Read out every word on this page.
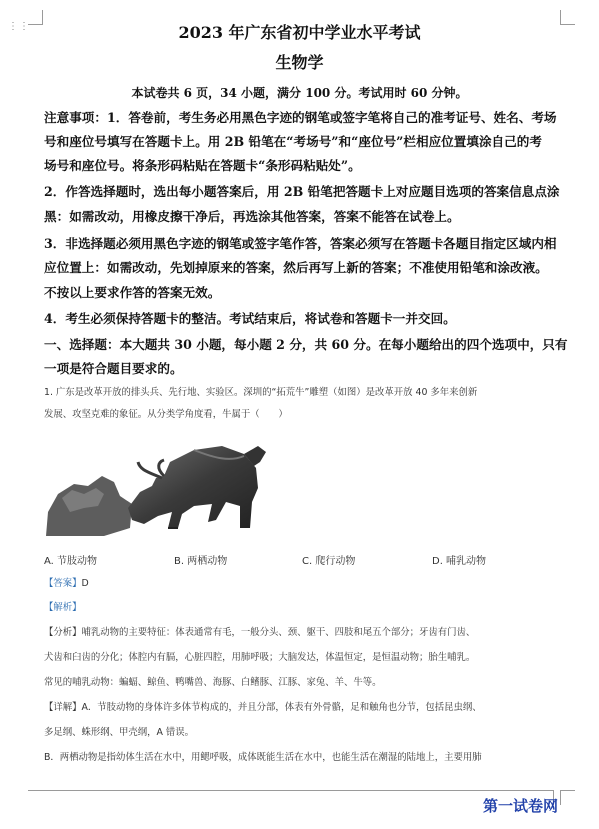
⋮⋮	2023 年广东省初中学业水平考试
生物学
本试卷共 6 页，34 小题，满分 100 分。考试用时 60 分钟。
注意事项：1．答卷前，考生务必用黑色字迹的钢笔或签字笔将自己的准考证号、姓名、考场
号和座位号填写在答题卡上。用 2B 铅笔在“考场号”和“座位号”栏相应位置填涂自己的考
场号和座位号。将条形码粘贴在答题卡“条形码粘贴处”。
2．作答选择题时，选出每小题答案后，用 2B 铅笔把答题卡上对应题目选项的答案信息点涂
黑：如需改动，用橡皮擦干净后，再选涂其他答案，答案不能答在试卷上。
3．非选择题必须用黑色字迹的钢笔或签字笔作答，答案必须写在答题卡各题目指定区域内相
应位置上：如需改动，先划掉原来的答案，然后再写上新的答案；不准使用铅笔和涂改液。
不按以上要求作答的答案无效。
4．考生必须保持答题卡的整洁。考试结束后，将试卷和答题卡一并交回。
一、选择题：本大题共 30 小题，每小题 2 分，共 60 分。在每小题给出的四个选项中，只有
一项是符合题目要求的。
1. 广东是改革开放的排头兵、先行地、实验区。深圳的“拓荒牛”雕塑（如图）是改革开放 40 多年来创新
发展、攻坚克难的象征。从分类学角度看，牛属于（　　）
A. 节肢动物	B. 两栖动物	C. 爬行动物	D. 哺乳动物
【答案】D
【解析】
【分析】哺乳动物的主要特征：体表通常有毛，一般分头、颈、躯干、四肢和尾五个部分；牙齿有门齿、
犬齿和臼齿的分化；体腔内有膈，心脏四腔，用肺呼吸；大脑发达，体温恒定，是恒温动物；胎生哺乳。
常见的哺乳动物：蝙蝠、鲸鱼、鸭嘴兽、海豚、白鳍豚、江豚、家兔、羊、牛等。
【详解】A．节肢动物的身体许多体节构成的，并且分部，体表有外骨骼，足和触角也分节，包括昆虫纲、
多足纲、蛛形纲、甲壳纲，A 错误。
B．两栖动物是指幼体生活在水中，用鳃呼吸，成体既能生活在水中，也能生活在潮湿的陆地上，主要用肺
第一试卷网
